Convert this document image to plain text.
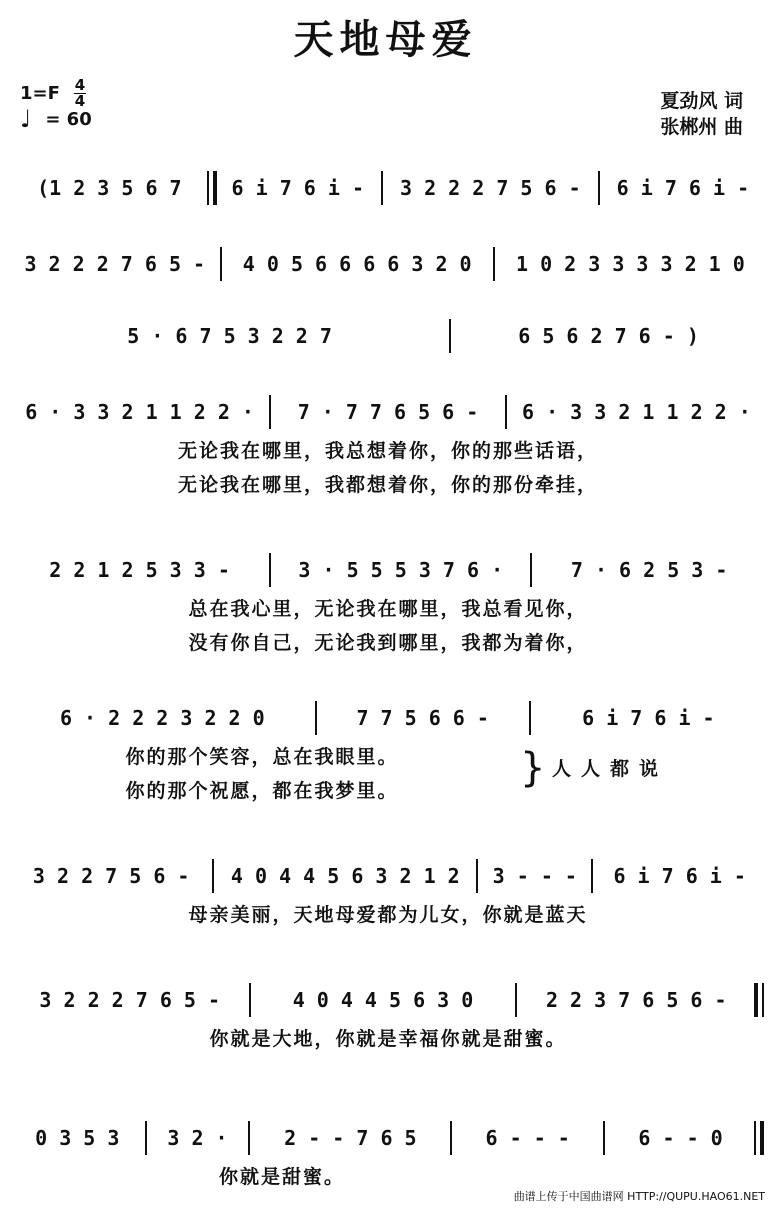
天地母爱
1=F 4
4
♩ = 60
夏劲风 词
张郴州 曲
(1 2 3 5 6 7	6 i 7 6 i -	3 2 2 2 7 5 6 -	6 i 7 6 i -
3 2 2 2 7 6 5 -	4 0 5 6 6 6 6 3 2 0	1 0 2 3 3 3 3 2 1 0
5 · 6 7 5 3 2 2 7	6 5 6 2 7 6 - )
6 · 3 3 2 1 1 2 2 ·	7 · 7 7 6 5 6 -	6 · 3 3 2 1 1 2 2 ·
无论我在哪里，我总想着你，你的那些话语，
无论我在哪里，我都想着你，你的那份牵挂，
2 2 1 2 5 3 3 -	3 · 5 5 5 3 7 6 ·	7 · 6 2 5 3 -
总在我心里，无论我在哪里，我总看见你，
没有你自己，无论我到哪里，我都为着你，
6 · 2 2 2 3 2 2 0	7 7 5 6 6 -	6 i 7 6 i -
你的那个笑容，总在我眼里。
你的那个祝愿，都在我梦里。	} 人人都说
3 2 2 7 5 6 -	4 0 4 4 5 6 3 2 1 2	3 - - -	6 i 7 6 i -
母亲美丽，天地母爱都为儿女，你就是蓝天
3 2 2 2 7 6 5 -	4 0 4 4 5 6 3 0	2 2 3 7 6 5 6 -
你就是大地，你就是幸福你就是甜蜜。
0 3 5 3	3 2 ·	2 - - 7 6 5	6 - - -	6 - - 0
你就是甜蜜。
曲谱上传于中国曲谱网 HTTP://QUPU.HAO61.NET
